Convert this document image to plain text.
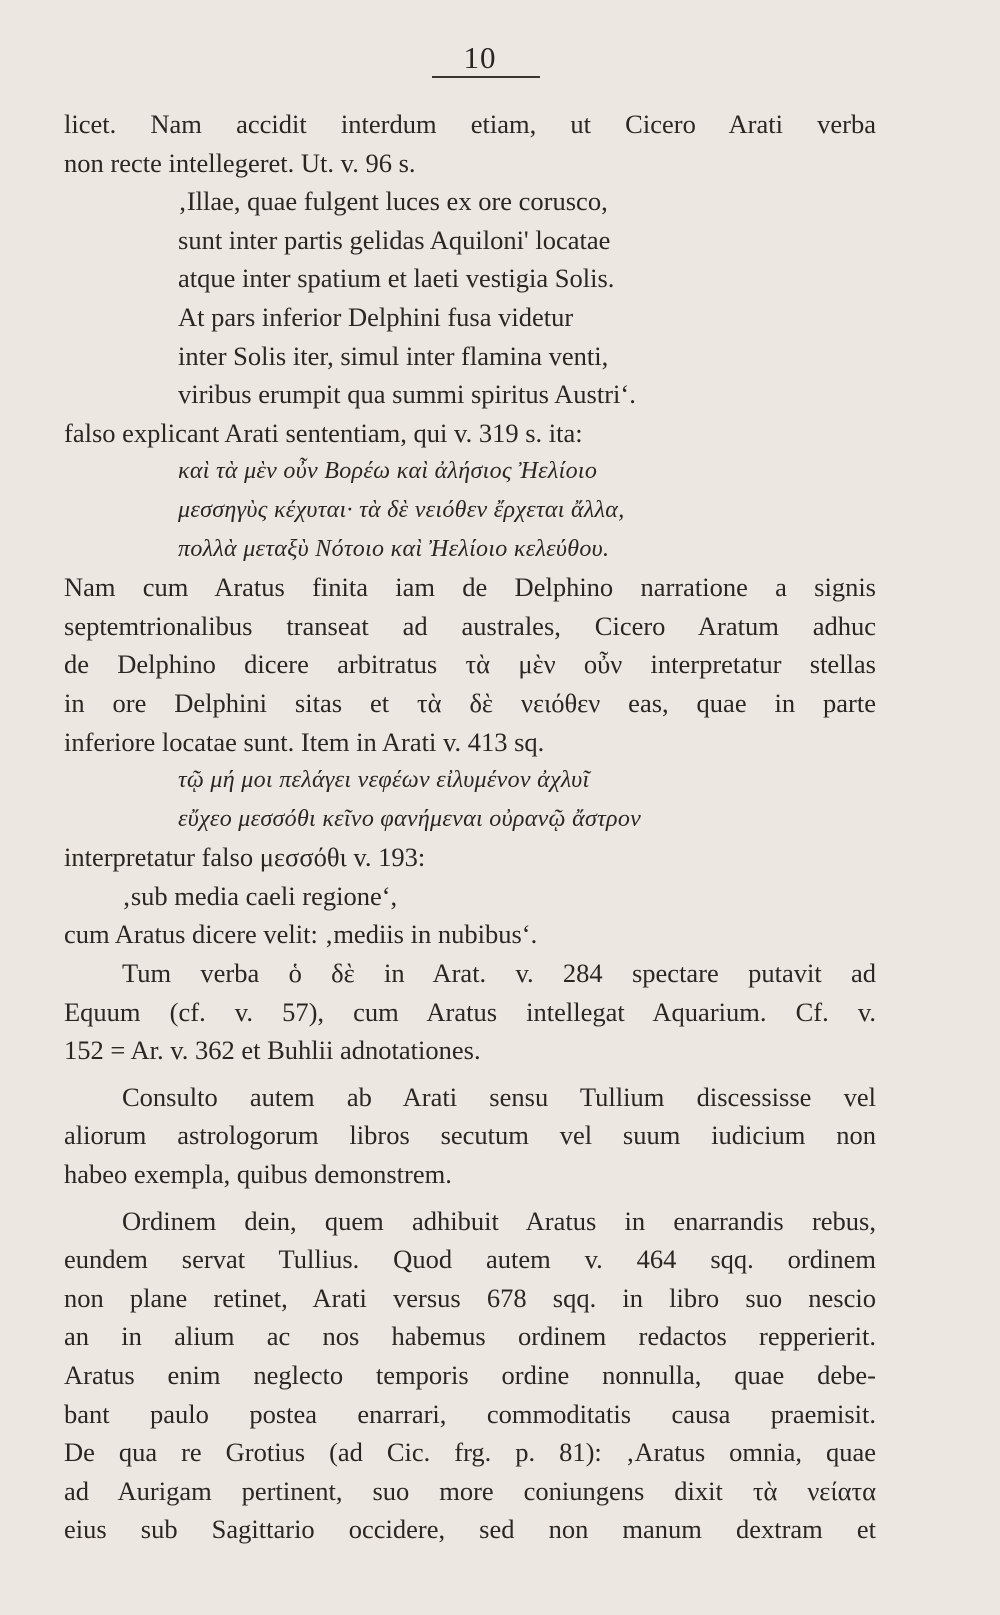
10
licet. Nam accidit interdum etiam, ut Cicero Arati verba
non recte intellegeret. Ut. v. 96 s.
‚Illae, quae fulgent luces ex ore corusco,
sunt inter partis gelidas Aquiloni' locatae
atque inter spatium et laeti vestigia Solis.
At pars inferior Delphini fusa videtur
inter Solis iter, simul inter flamina venti,
viribus erumpit qua summi spiritus Austri‘.
falso explicant Arati sententiam, qui v. 319 s. ita:
καὶ τὰ μὲν οὖν Βορέω καὶ ἀλήσιος Ἠελίοιο
μεσσηγὺς κέχυται· τὰ δὲ νειόθεν ἔρχεται ἄλλα,
πολλὰ μεταξὺ Νότοιο καὶ Ἠελίοιο κελεύθου.
Nam cum Aratus finita iam de Delphino narratione a signis
septemtrionalibus transeat ad australes, Cicero Aratum adhuc
de Delphino dicere arbitratus τὰ μὲν οὖν interpretatur stellas
in ore Delphini sitas et τὰ δὲ νειόθεν eas, quae in parte
inferiore locatae sunt. Item in Arati v. 413 sq.
τῷ μή μοι πελάγει νεφέων εἰλυμένον ἀχλυῖ
εὔχεο μεσσόθι κεῖνο φανήμεναι οὐρανῷ ἄστρον
interpretatur falso μεσσόθι v. 193:
‚sub media caeli regione‘,
cum Aratus dicere velit: ‚mediis in nubibus‘.
Tum verba ὁ δὲ in Arat. v. 284 spectare putavit ad
Equum (cf. v. 57), cum Aratus intellegat Aquarium. Cf. v.
152 = Ar. v. 362 et Buhlii adnotationes.
Consulto autem ab Arati sensu Tullium discessisse vel
aliorum astrologorum libros secutum vel suum iudicium non
habeo exempla, quibus demonstrem.
Ordinem dein, quem adhibuit Aratus in enarrandis rebus,
eundem servat Tullius. Quod autem v. 464 sqq. ordinem
non plane retinet, Arati versus 678 sqq. in libro suo nescio
an in alium ac nos habemus ordinem redactos repperierit.
Aratus enim neglecto temporis ordine nonnulla, quae debe-
bant paulo postea enarrari, commoditatis causa praemisit.
De qua re Grotius (ad Cic. frg. p. 81): ‚Aratus omnia, quae
ad Aurigam pertinent, suo more coniungens dixit τὰ νείατα
eius sub Sagittario occidere, sed non manum dextram et
